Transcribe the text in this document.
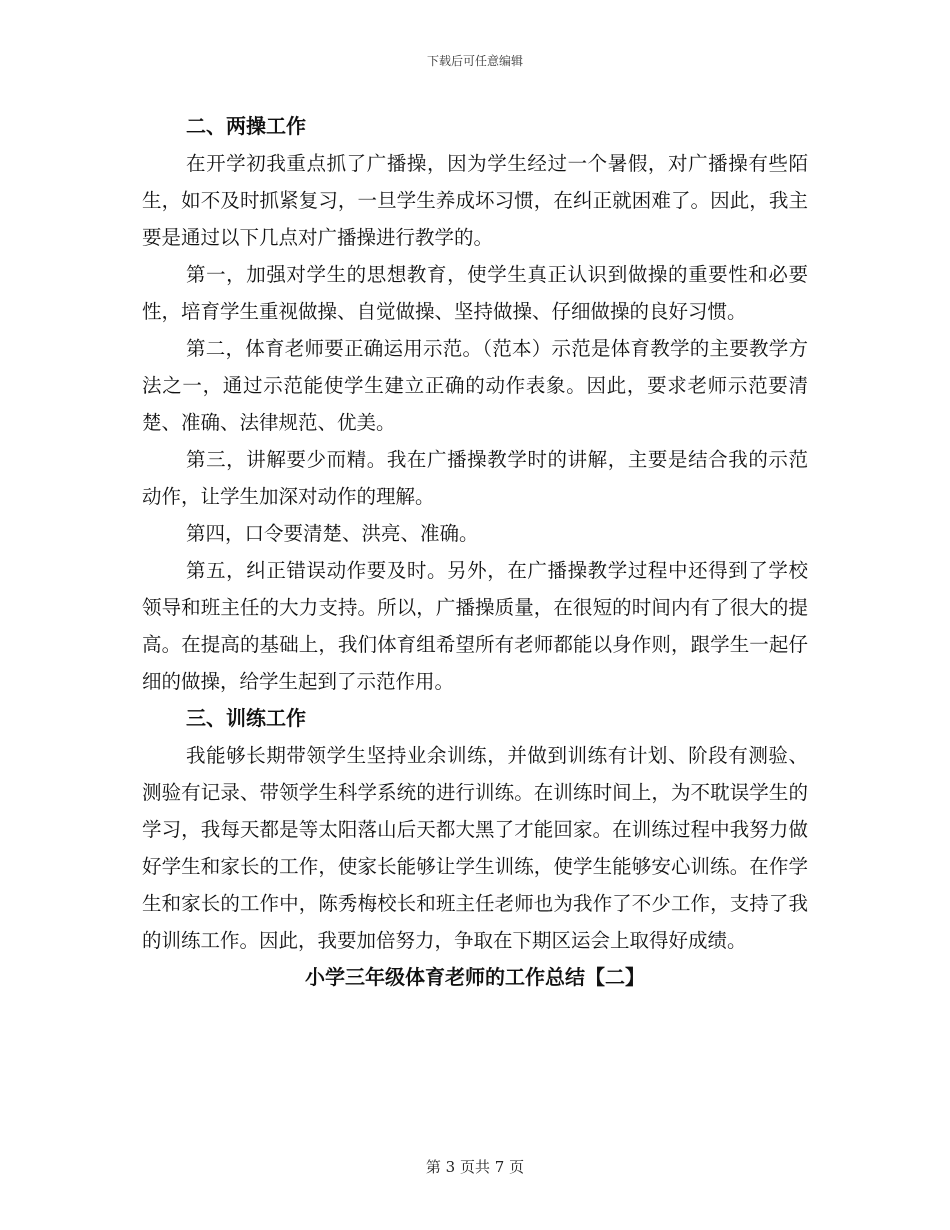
下载后可任意编辑
二、两操工作

在开学初我重点抓了广播操，因为学生经过一个暑假，对广播操有些陌生，如不及时抓紧复习，一旦学生养成坏习惯，在纠正就困难了。因此，我主要是通过以下几点对广播操进行教学的。

第一，加强对学生的思想教育，使学生真正认识到做操的重要性和必要性，培育学生重视做操、自觉做操、坚持做操、仔细做操的良好习惯。

第二，体育老师要正确运用示范。（范本）示范是体育教学的主要教学方法之一，通过示范能使学生建立正确的动作表象。因此，要求老师示范要清楚、准确、法律规范、优美。

第三，讲解要少而精。我在广播操教学时的讲解，主要是结合我的示范动作，让学生加深对动作的理解。

第四，口令要清楚、洪亮、准确。

第五，纠正错误动作要及时。另外，在广播操教学过程中还得到了学校领导和班主任的大力支持。所以，广播操质量，在很短的时间内有了很大的提高。在提高的基础上，我们体育组希望所有老师都能以身作则，跟学生一起仔细的做操，给学生起到了示范作用。

三、训练工作

我能够长期带领学生坚持业余训练，并做到训练有计划、阶段有测验、测验有记录、带领学生科学系统的进行训练。在训练时间上，为不耽误学生的学习，我每天都是等太阳落山后天都大黑了才能回家。在训练过程中我努力做好学生和家长的工作，使家长能够让学生训练，使学生能够安心训练。在作学生和家长的工作中，陈秀梅校长和班主任老师也为我作了不少工作，支持了我的训练工作。因此，我要加倍努力，争取在下期区运会上取得好成绩。

小学三年级体育老师的工作总结【二】
第 3 页共 7 页
